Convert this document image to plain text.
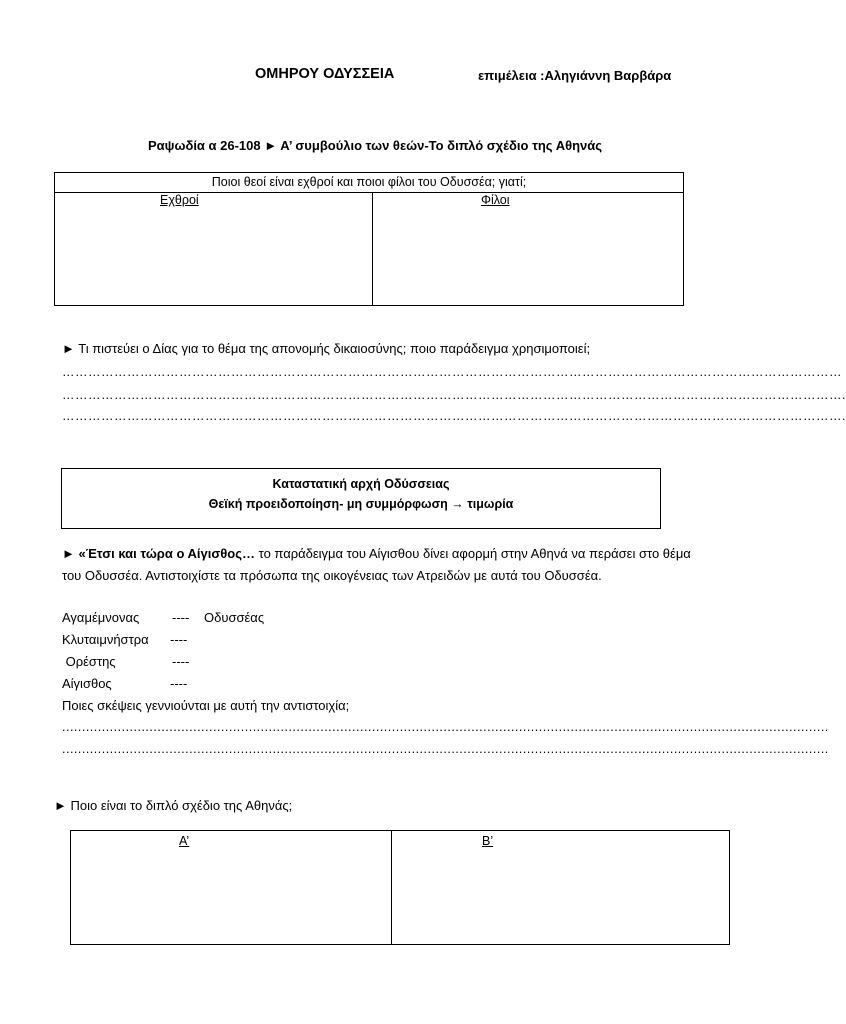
ΟΜΗΡΟΥ ΟΔΥΣΣΕΙΑ	επιμέλεια :Αληγιάννη Βαρβάρα
Ραψωδία α 26-108 ► Α’ συμβούλιο των θεών-Το διπλό σχέδιο της Αθηνάς
Ποιοι θεοί είναι εχθροί και ποιοι φίλοι του Οδυσσέα; γιατί;
Εχθροί	Φίλοι
► Τι πιστεύει ο Δίας για το θέμα της απονομής δικαιοσύνης; ποιο παράδειγμα χρησιμοποιεί;
………………………………………………………………………………………………………………………………………………………………
……………………………………………………………………………………………………………………………………………………………….
……………………………………………………………………………………………………………………………………………………………….
Καταστατική αρχή Οδύσσειας
Θεϊκή προειδοποίηση- μη συμμόρφωση → τιμωρία
► «Έτσι και τώρα ο Αίγισθος… το παράδειγμα του Αίγισθου δίνει αφορμή στην Αθηνά να περάσει στο θέμα του Οδυσσέα. Αντιστοιχίστε τα πρόσωπα της οικογένειας των Ατρειδών με αυτά του Οδυσσέα.
Αγαμέμνονας	---- Οδυσσέας
Κλυταιμνήστρα ----
Ορέστης	----
Αίγισθος	----
Ποιες σκέψεις γεννιούνται με αυτή την αντιστοιχία;
.................................................................................................................................................................................................
.................................................................................................................................................................................................
► Ποιο είναι το διπλό σχέδιο της Αθηνάς;
Α’	Β’
